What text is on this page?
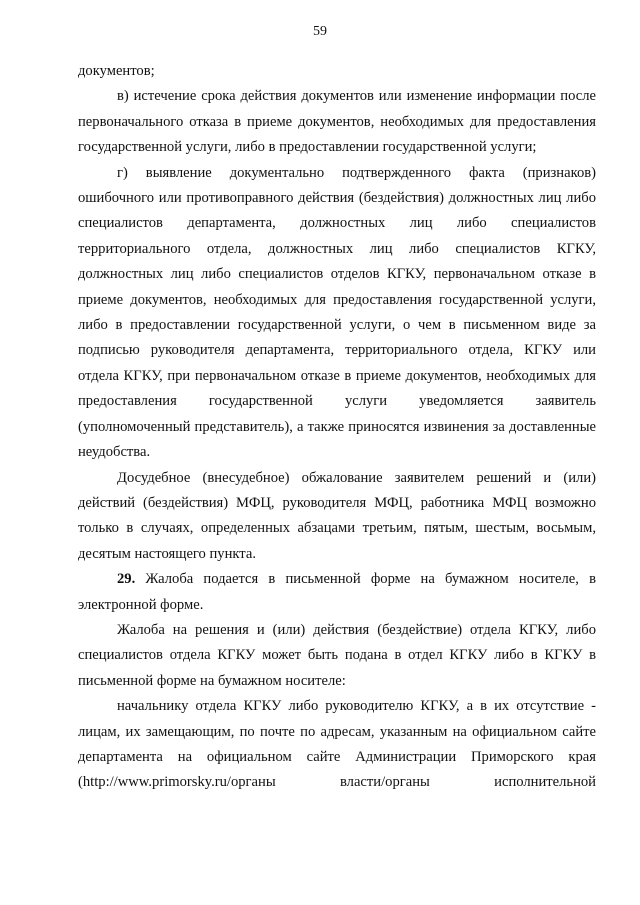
59

документов;

в) истечение срока действия документов или изменение информации после первоначального отказа в приеме документов, необходимых для предоставления государственной услуги, либо в предоставлении государственной услуги;

г) выявление документально подтвержденного факта (признаков) ошибочного или противоправного действия (бездействия) должностных лиц либо специалистов департамента, должностных лиц либо специалистов территориального отдела, должностных лиц либо специалистов КГКУ, должностных лиц либо специалистов отделов КГКУ, первоначальном отказе в приеме документов, необходимых для предоставления государственной услуги, либо в предоставлении государственной услуги, о чем в письменном виде за подписью руководителя департамента, территориального отдела, КГКУ или отдела КГКУ, при первоначальном отказе в приеме документов, необходимых для предоставления государственной услуги уведомляется заявитель (уполномоченный представитель), а также приносятся извинения за доставленные неудобства.

Досудебное (внесудебное) обжалование заявителем решений и (или) действий (бездействия) МФЦ, руководителя МФЦ, работника МФЦ возможно только в случаях, определенных абзацами третьим, пятым, шестым, восьмым, десятым настоящего пункта.

29. Жалоба подается в письменной форме на бумажном носителе, в электронной форме.

Жалоба на решения и (или) действия (бездействие) отдела КГКУ, либо специалистов отдела КГКУ может быть подана в отдел КГКУ либо в КГКУ в письменной форме на бумажном носителе:

начальнику отдела КГКУ либо руководителю КГКУ, а в их отсутствие - лицам, их замещающим, по почте по адресам, указанным на официальном сайте департамента на официальном сайте Администрации Приморского края (http://www.primorsky.ru/органы власти/органы исполнительной
